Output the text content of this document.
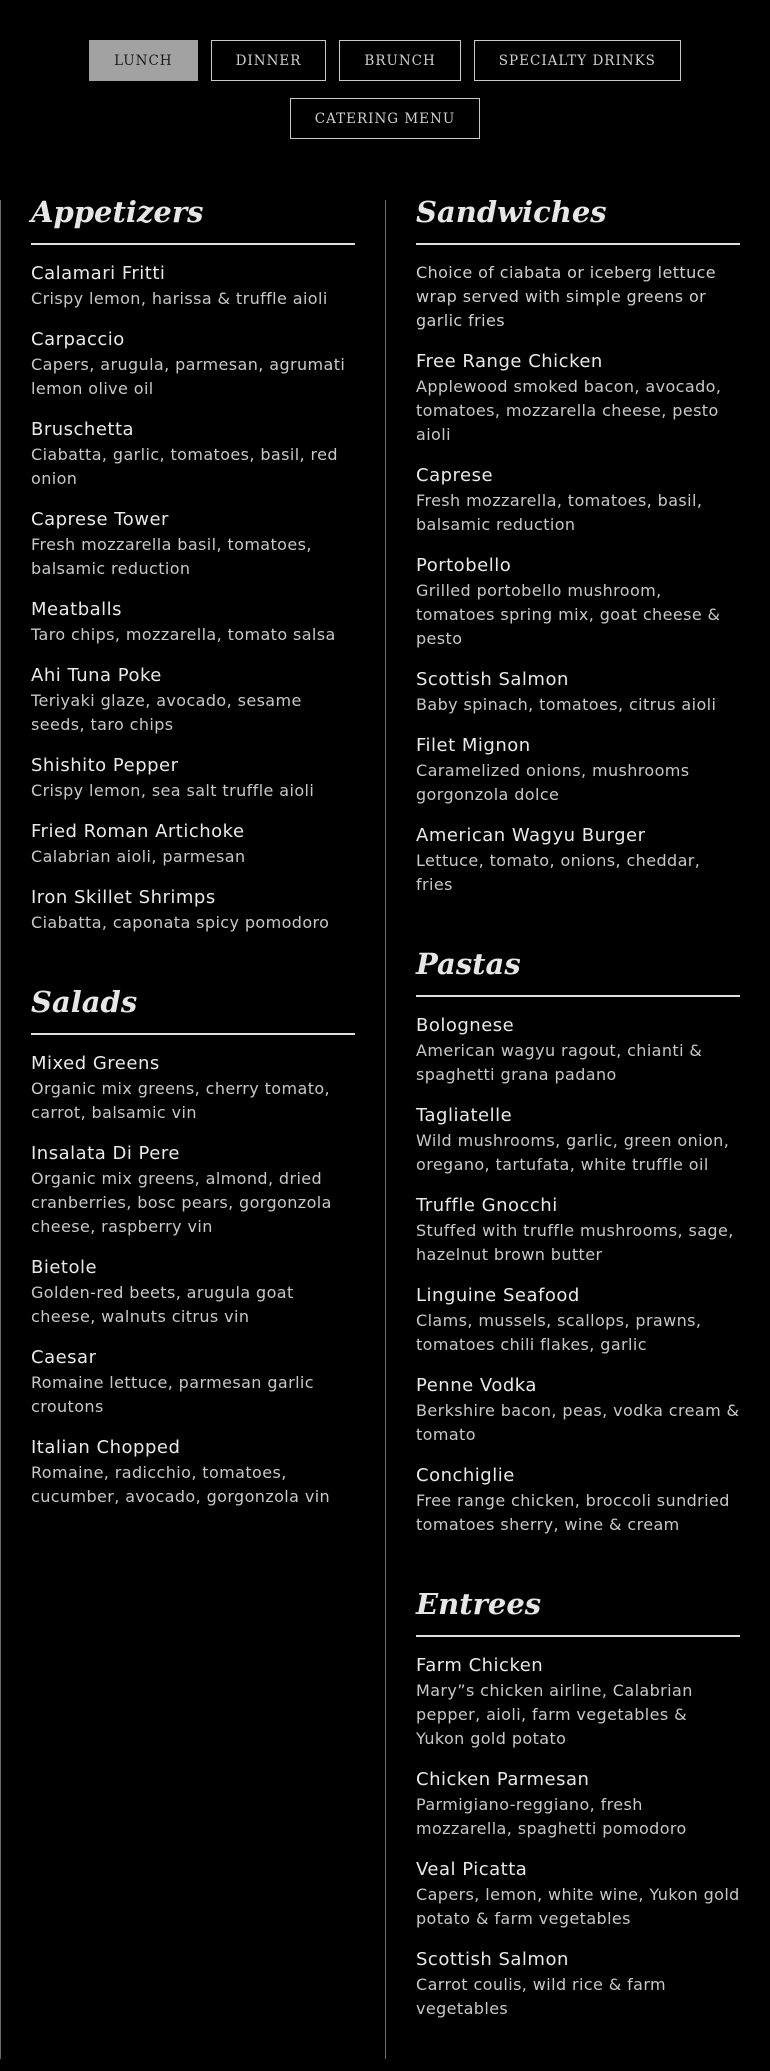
LUNCH	DINNER	BRUNCH	SPECIALTY DRINKS
CATERING MENU
Appetizers
Calamari Fritti
Crispy lemon, harissa & truffle aioli
Carpaccio
Capers, arugula, parmesan, agrumati lemon olive oil
Bruschetta
Ciabatta, garlic, tomatoes, basil, red onion
Caprese Tower
Fresh mozzarella basil, tomatoes, balsamic reduction
Meatballs
Taro chips, mozzarella, tomato salsa
Ahi Tuna Poke
Teriyaki glaze, avocado, sesame seeds, taro chips
Shishito Pepper
Crispy lemon, sea salt truffle aioli
Fried Roman Artichoke
Calabrian aioli, parmesan
Iron Skillet Shrimps
Ciabatta, caponata spicy pomodoro
Salads
Mixed Greens
Organic mix greens, cherry tomato, carrot, balsamic vin
Insalata Di Pere
Organic mix greens, almond, dried cranberries, bosc pears, gorgonzola cheese, raspberry vin
Bietole
Golden-red beets, arugula goat cheese, walnuts citrus vin
Caesar
Romaine lettuce, parmesan garlic croutons
Italian Chopped
Romaine, radicchio, tomatoes, cucumber, avocado, gorgonzola vin
Sandwiches
Choice of ciabata or iceberg lettuce wrap served with simple greens or garlic fries
Free Range Chicken
Applewood smoked bacon, avocado, tomatoes, mozzarella cheese, pesto aioli
Caprese
Fresh mozzarella, tomatoes, basil, balsamic reduction
Portobello
Grilled portobello mushroom, tomatoes spring mix, goat cheese & pesto
Scottish Salmon
Baby spinach, tomatoes, citrus aioli
Filet Mignon
Caramelized onions, mushrooms gorgonzola dolce
American Wagyu Burger
Lettuce, tomato, onions, cheddar, fries
Pastas
Bolognese
American wagyu ragout, chianti & spaghetti grana padano
Tagliatelle
Wild mushrooms, garlic, green onion, oregano, tartufata, white truffle oil
Truffle Gnocchi
Stuffed with truffle mushrooms, sage, hazelnut brown butter
Linguine Seafood
Clams, mussels, scallops, prawns, tomatoes chili flakes, garlic
Penne Vodka
Berkshire bacon, peas, vodka cream & tomato
Conchiglie
Free range chicken, broccoli sundried tomatoes sherry, wine & cream
Entrees
Farm Chicken
Mary”s chicken airline, Calabrian pepper, aioli, farm vegetables & Yukon gold potato
Chicken Parmesan
Parmigiano-reggiano, fresh mozzarella, spaghetti pomodoro
Veal Picatta
Capers, lemon, white wine, Yukon gold potato & farm vegetables
Scottish Salmon
Carrot coulis, wild rice & farm vegetables
